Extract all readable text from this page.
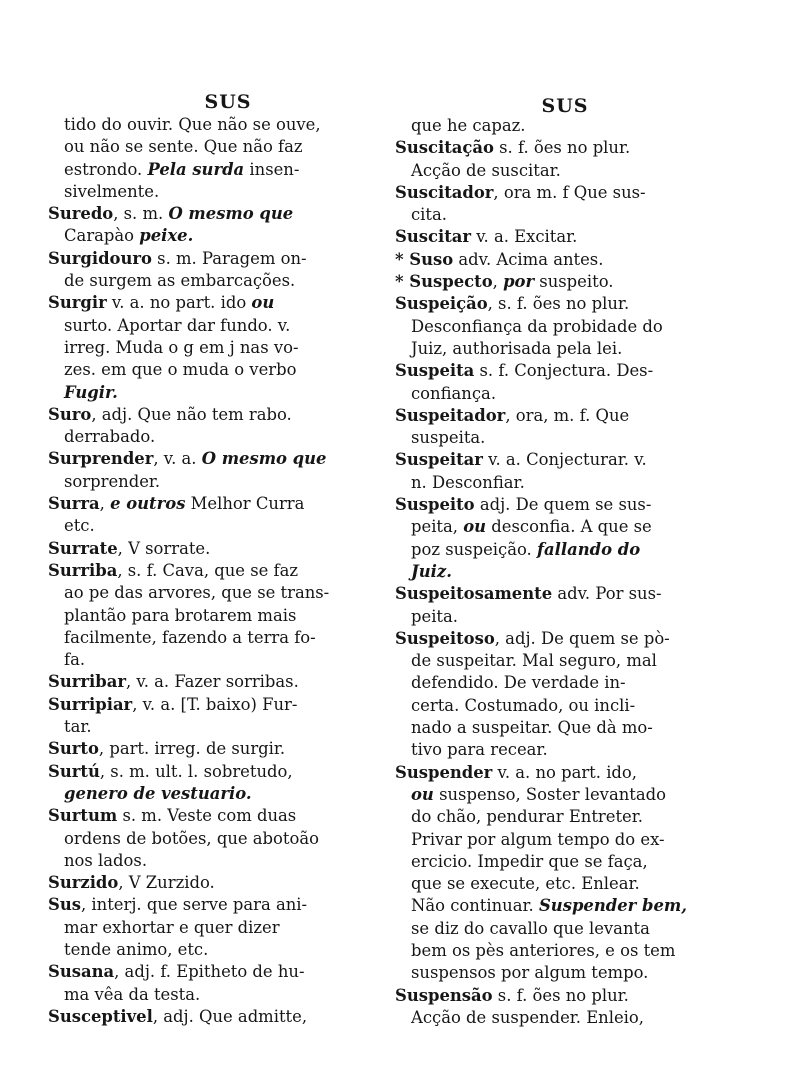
SUS
tido do ouvir. Que não se ouve,
ou não se sente. Que não faz
estrondo. Pela surda insen-
sivelmente.
Suredo, s. m. O mesmo que
Carapào peixe.
Surgidouro s. m. Paragem on-
de surgem as embarcações.
Surgir v. a. no part. ido ou
surto. Aportar dar fundo. v.
irreg. Muda o g em j nas vo-
zes. em que o muda o verbo
Fugir.
Suro, adj. Que não tem rabo.
derrabado.
Surprender, v. a. O mesmo que
sorprender.
Surra, e outros Melhor Curra
etc.
Surrate, V sorrate.
Surriba, s. f. Cava, que se faz
ao pe das arvores, que se trans-
plantão para brotarem mais
facilmente, fazendo a terra fo-
fa.
Surribar, v. a. Fazer sorribas.
Surripiar, v. a. [T. baixo) Fur-
tar.
Surto, part. irreg. de surgir.
Surtú, s. m. ult. l. sobretudo,
genero de vestuario.
Surtum s. m. Veste com duas
ordens de botões, que abotoão
nos lados.
Surzido, V Zurzido.
Sus, interj. que serve para ani-
mar exhortar e quer dizer
tende animo, etc.
Susana, adj. f. Epitheto de hu-
ma vêa da testa.
Susceptivel, adj. Que admitte,
SUS
que he capaz.
Suscitação s. f. ões no plur.
Acção de suscitar.
Suscitador, ora m. f Que sus-
cita.
Suscitar v. a. Excitar.
* Suso adv. Acima antes.
* Suspecto, por suspeito.
Suspeição, s. f. ões no plur.
Desconfiança da probidade do
Juiz, authorisada pela lei.
Suspeita s. f. Conjectura. Des-
confiança.
Suspeitador, ora, m. f. Que
suspeita.
Suspeitar v. a. Conjecturar. v.
n. Desconfiar.
Suspeito adj. De quem se sus-
peita, ou desconfia. A que se
poz suspeição. fallando do
Juiz.
Suspeitosamente adv. Por sus-
peita.
Suspeitoso, adj. De quem se pò-
de suspeitar. Mal seguro, mal
defendido. De verdade in-
certa. Costumado, ou incli-
nado a suspeitar. Que dà mo-
tivo para recear.
Suspender v. a. no part. ido,
ou suspenso, Soster levantado
do chão, pendurar Entreter.
Privar por algum tempo do ex-
ercicio. Impedir que se faça,
que se execute, etc. Enlear.
Não continuar. Suspender bem,
se diz do cavallo que levanta
bem os pès anteriores, e os tem
suspensos por algum tempo.
Suspensão s. f. ões no plur.
Acção de suspender. Enleio,
